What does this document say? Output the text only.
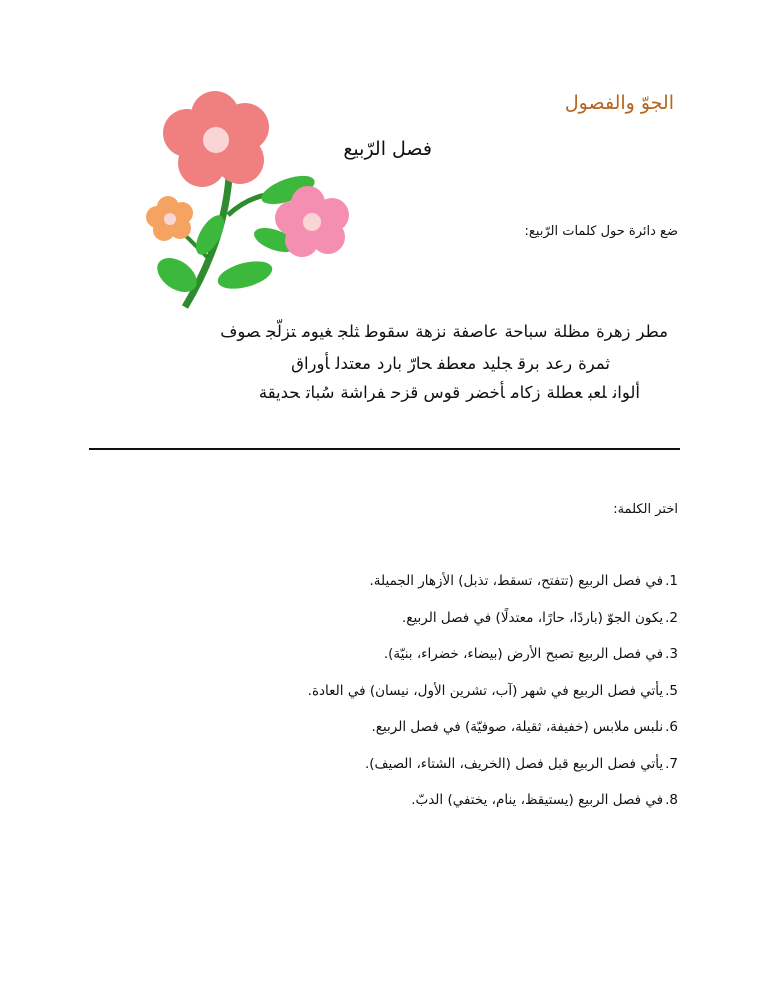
الجوّ والفصول
فصل الرّبيع
ضع دائرة حول كلمات الرّبيع:
مطرزهرةمظلةسباحةعاصفةنزهةسقوطثلجغيومتزلّجصوف
ثمرةرعدبرقجليدمعطفحارّباردمعتدلأوراق
ألوانلعبعطلةزكامأخضرقوس قزحفراشةسُباتحديقة
اختر الكلمة:
1.في فصل الربيع (تتفتح، تسقط، تذبل) الأزهار الجميلة.
2.يكون الجوّ (باردًا، حارًا، معتدلًا) في فصل الربيع.
3.في فصل الربيع تصبح الأرض (بيضاء، خضراء، بنيّة).
5.يأتي فصل الربيع في شهر (آب، تشرين الأول، نيسان) في العادة.
6.نلبس ملابس (خفيفة، ثقيلة، صوفيّة) في فصل الربيع.
7.يأتي فصل الربيع قبل فصل (الخريف، الشتاء، الصيف).
8.في فصل الربيع (يستيقظ، ينام، يختفي) الدبّ.
